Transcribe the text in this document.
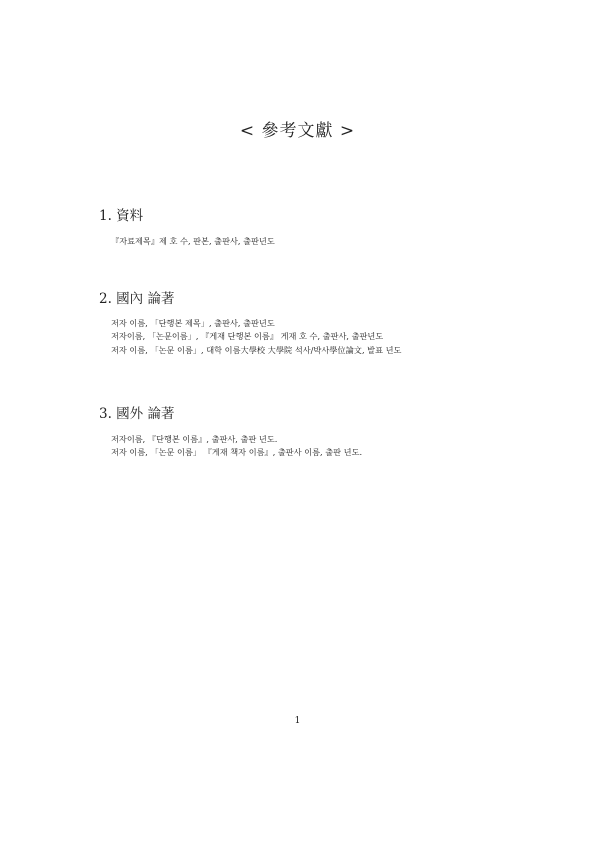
< 參考文獻 >
1. 資料
『자료제목』제 호 수, 판본, 출판사, 출판년도
2. 國內 論著
저자 이름, 「단행본 제목」, 출판사, 출판년도
저자이름, 「논문이름」, 『게재 단행본 이름』 게재 호 수, 출판사, 출판년도
저자 이름, 「논문 이름」, 대학 이름大學校 大學院 석사/박사學位論文, 발표 년도
3. 國外 論著
저자이름, 『단행본 이름』, 출판사, 출판 년도.
저자 이름, 「논문 이름」 『게재 책자 이름』, 출판사 이름, 출판 년도.
1
